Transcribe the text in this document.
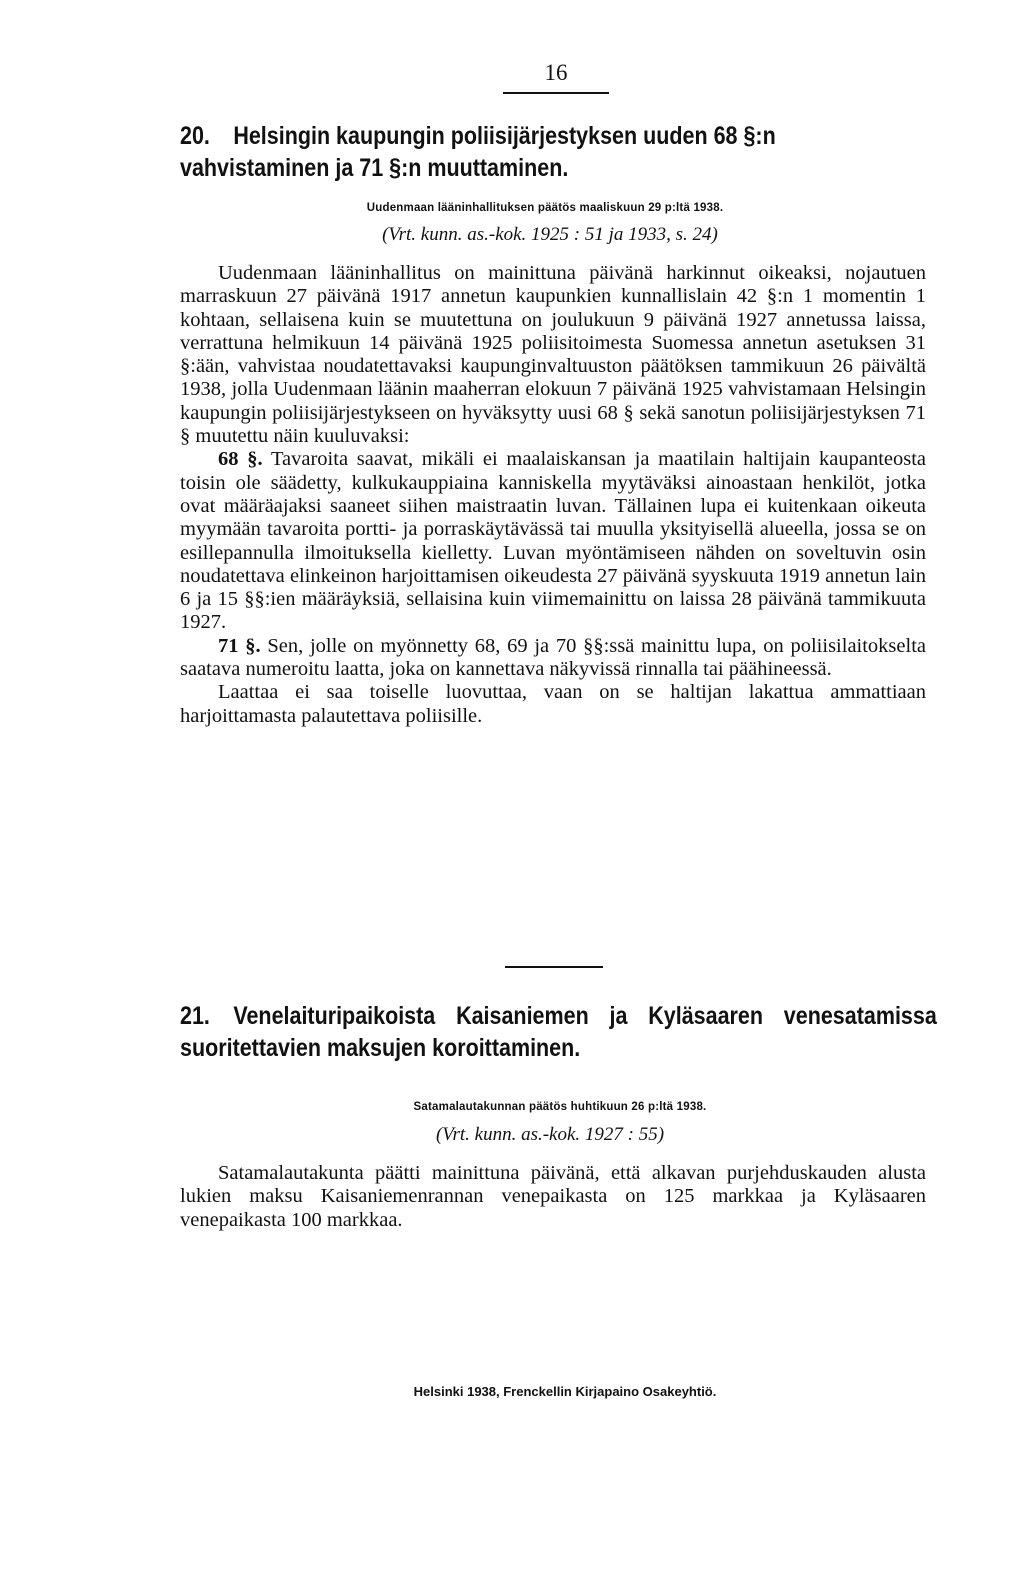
16
20. Helsingin kaupungin poliisijärjestyksen uuden 68 §:n vahvistaminen ja 71 §:n muuttaminen.
Uudenmaan lääninhallituksen päätös maaliskuun 29 p:ltä 1938.
(Vrt. kunn. as.-kok. 1925 : 51 ja 1933, s. 24)

Uudenmaan lääninhallitus on mainittuna päivänä harkinnut oikeaksi, nojautuen marraskuun 27 päivänä 1917 annetun kaupunkien kunnallislain 42 §:n 1 momentin 1 kohtaan, sellaisena kuin se muutettuna on joulukuun 9 päivänä 1927 annetussa laissa, verrattuna helmikuun 14 päivänä 1925 poliisitoimesta Suomessa annetun asetuksen 31 §:ään, vahvistaa noudatettavaksi kaupunginvaltuuston päätöksen tammikuun 26 päivältä 1938, jolla Uudenmaan läänin maaherran elokuun 7 päivänä 1925 vahvistamaan Helsingin kaupungin poliisijärjestykseen on hyväksytty uusi 68 § sekä sanotun poliisijärjestyksen 71 § muutettu näin kuuluvaksi:

68 §. Tavaroita saavat, mikäli ei maalaiskansan ja maatilain haltijain kaupanteosta toisin ole säädetty, kulkukauppiaina kanniskella myytäväksi ainoastaan henkilöt, jotka ovat määräajaksi saaneet siihen maistraatin luvan. Tällainen lupa ei kuitenkaan oikeuta myymään tavaroita portti- ja porraskäytävässä tai muulla yksityisellä alueella, jossa se on esillepannulla ilmoituksella kielletty. Luvan myöntämiseen nähden on soveltuvin osin noudatettava elinkeinon harjoittamisen oikeudesta 27 päivänä syyskuuta 1919 annetun lain 6 ja 15 §§:ien määräyksiä, sellaisina kuin viimemainittu on laissa 28 päivänä tammikuuta 1927.

71 §. Sen, jolle on myönnetty 68, 69 ja 70 §§:ssä mainittu lupa, on poliisilaitokselta saatava numeroitu laatta, joka on kannettava näkyvissä rinnalla tai päähineessä.

Laattaa ei saa toiselle luovuttaa, vaan on se haltijan lakattua ammattiaan harjoittamasta palautettava poliisille.

21. Venelaituripaikoista Kaisaniemen ja Kyläsaaren venesatamissa suoritettavien maksujen koroittaminen.
Satamalautakunnan päätös huhtikuun 26 p:ltä 1938.
(Vrt. kunn. as.-kok. 1927 : 55)

Satamalautakunta päätti mainittuna päivänä, että alkavan purjehduskauden alusta lukien maksu Kaisaniemenrannan venepaikasta on 125 markkaa ja Kyläsaaren venepaikasta 100 markkaa.

Helsinki 1938, Frenckellin Kirjapaino Osakeyhtiö.
